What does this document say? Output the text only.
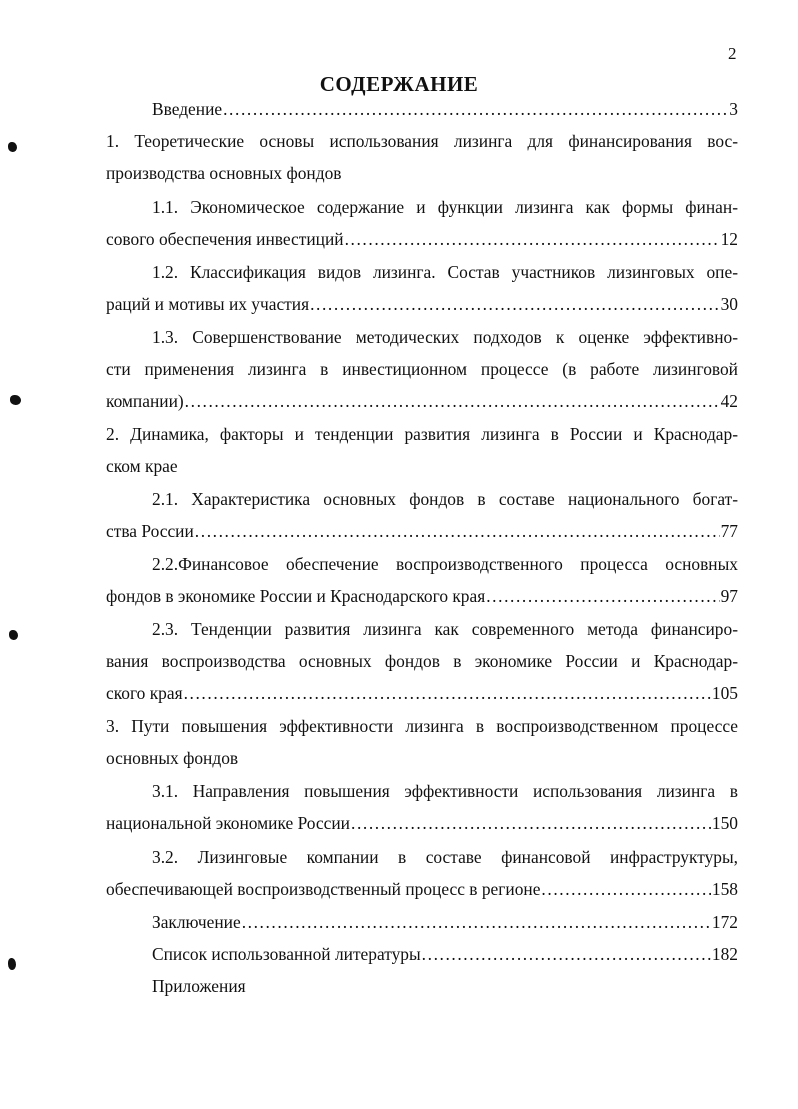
2
СОДЕРЖАНИЕ
Введение .....	3
1. Теоретические основы использования лизинга для финансирования вос-
производства основных фондов
1.1. Экономическое содержание и функции лизинга как формы финан-
сового обеспечения инвестиций .....	12
1.2. Классификация видов лизинга. Состав участников лизинговых опе-
раций и мотивы их участия .....	30
1.3. Совершенствование методических подходов к оценке эффективно-
сти применения лизинга в инвестиционном процессе (в работе лизинговой
компании) .....	42
2. Динамика, факторы и тенденции развития лизинга в России и Краснодар-
ском крае
2.1. Характеристика основных фондов в составе национального богат-
ства России .....	77
2.2.Финансовое обеспечение воспроизводственного процесса основных
фондов в экономике России и Краснодарского края .....	97
2.3. Тенденции развития лизинга как современного метода финансиро-
вания воспроизводства основных фондов в экономике России и Краснодар-
ского края .....	105
3. Пути повышения эффективности лизинга в воспроизводственном процессе
основных фондов
3.1. Направления повышения эффективности использования лизинга в
национальной экономике России .....	150
3.2. Лизинговые компании в составе финансовой инфраструктуры,
обеспечивающей воспроизводственный процесс в регионе .....	158
Заключение .....	172
Список использованной литературы .....	182
Приложения
